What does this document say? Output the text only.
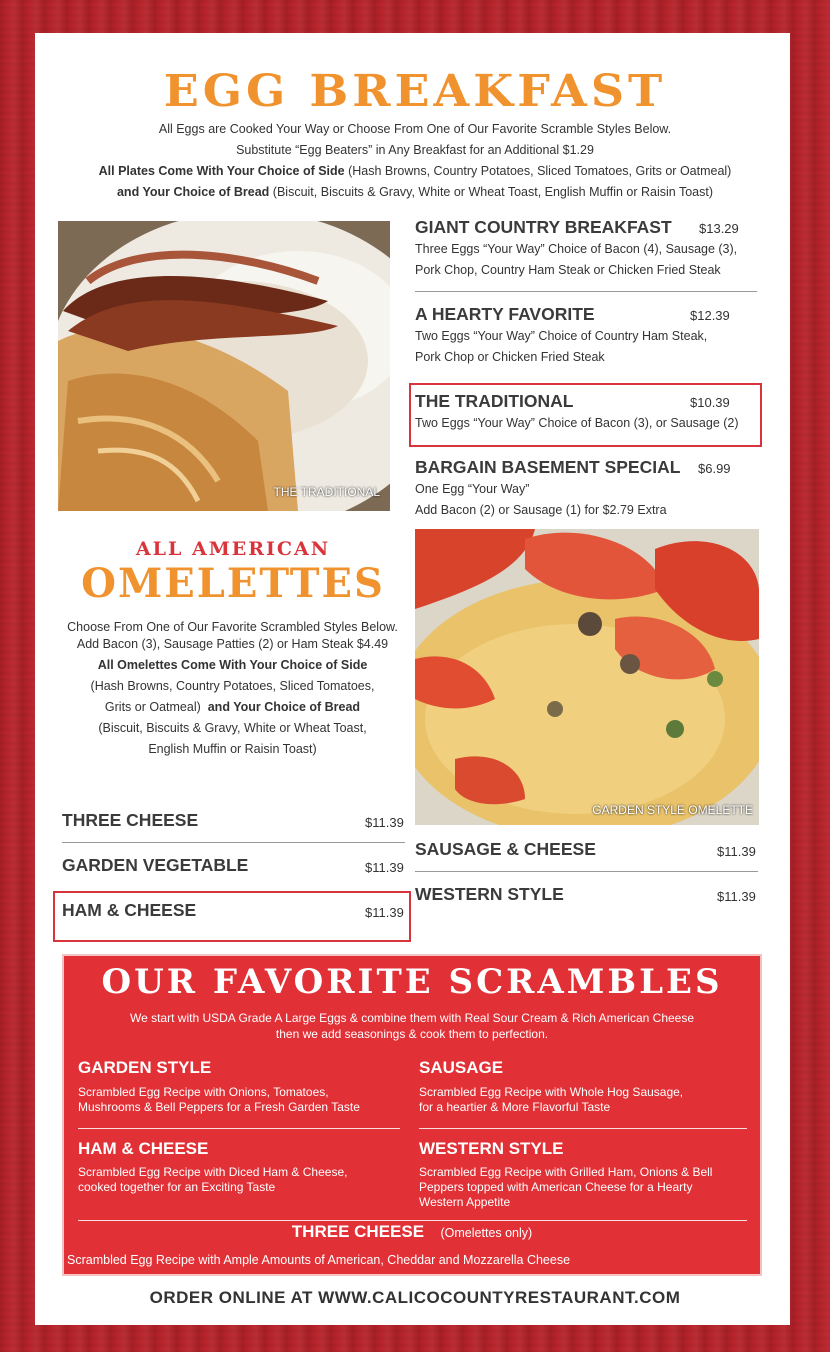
EGG BREAKFAST
All Eggs are Cooked Your Way or Choose From One of Our Favorite Scramble Styles Below.
Substitute “Egg Beaters” in Any Breakfast for an Additional $1.29
All Plates Come With Your Choice of Side (Hash Browns, Country Potatoes, Sliced Tomatoes, Grits or Oatmeal)
and Your Choice of Bread (Biscuit, Biscuits & Gravy, White or Wheat Toast, English Muffin or Raisin Toast)
THE TRADITIONAL
GIANT COUNTRY BREAKFAST $13.29
Three Eggs “Your Way” Choice of Bacon (4), Sausage (3),
Pork Chop, Country Ham Steak or Chicken Fried Steak
A HEARTY FAVORITE	$12.39
Two Eggs “Your Way” Choice of Country Ham Steak,
Pork Chop or Chicken Fried Steak
THE TRADITIONAL	$10.39
Two Eggs “Your Way” Choice of Bacon (3), or Sausage (2)
BARGAIN BASEMENT SPECIAL $6.99
One Egg “Your Way”
Add Bacon (2) or Sausage (1) for $2.79 Extra
GARDEN STYLE OMELETTE
ALL AMERICAN
OMELETTES
Choose From One of Our Favorite Scrambled Styles Below.
Add Bacon (3), Sausage Patties (2) or Ham Steak $4.49
All Omelettes Come With Your Choice of Side
(Hash Browns, Country Potatoes, Sliced Tomatoes,
Grits or Oatmeal) and Your Choice of Bread
(Biscuit, Biscuits & Gravy, White or Wheat Toast,
English Muffin or Raisin Toast)
THREE CHEESE	$11.39
GARDEN VEGETABLE	$11.39
HAM & CHEESE	$11.39
SAUSAGE & CHEESE	$11.39
WESTERN STYLE	$11.39
OUR FAVORITE SCRAMBLES
We start with USDA Grade A Large Eggs & combine them with Real Sour Cream & Rich American Cheese
then we add seasonings & cook them to perfection.
GARDEN STYLE
Scrambled Egg Recipe with Onions, Tomatoes,
Mushrooms & Bell Peppers for a Fresh Garden Taste
SAUSAGE
Scrambled Egg Recipe with Whole Hog Sausage,
for a heartier & More Flavorful Taste
HAM & CHEESE
Scrambled Egg Recipe with Diced Ham & Cheese,
cooked together for an Exciting Taste
WESTERN STYLE
Scrambled Egg Recipe with Grilled Ham, Onions & Bell
Peppers topped with American Cheese for a Hearty
Western Appetite
THREE CHEESE (Omelettes only)
Scrambled Egg Recipe with Ample Amounts of American, Cheddar and Mozzarella Cheese
ORDER ONLINE AT WWW.CALICOCOUNTYRESTAURANT.COM
